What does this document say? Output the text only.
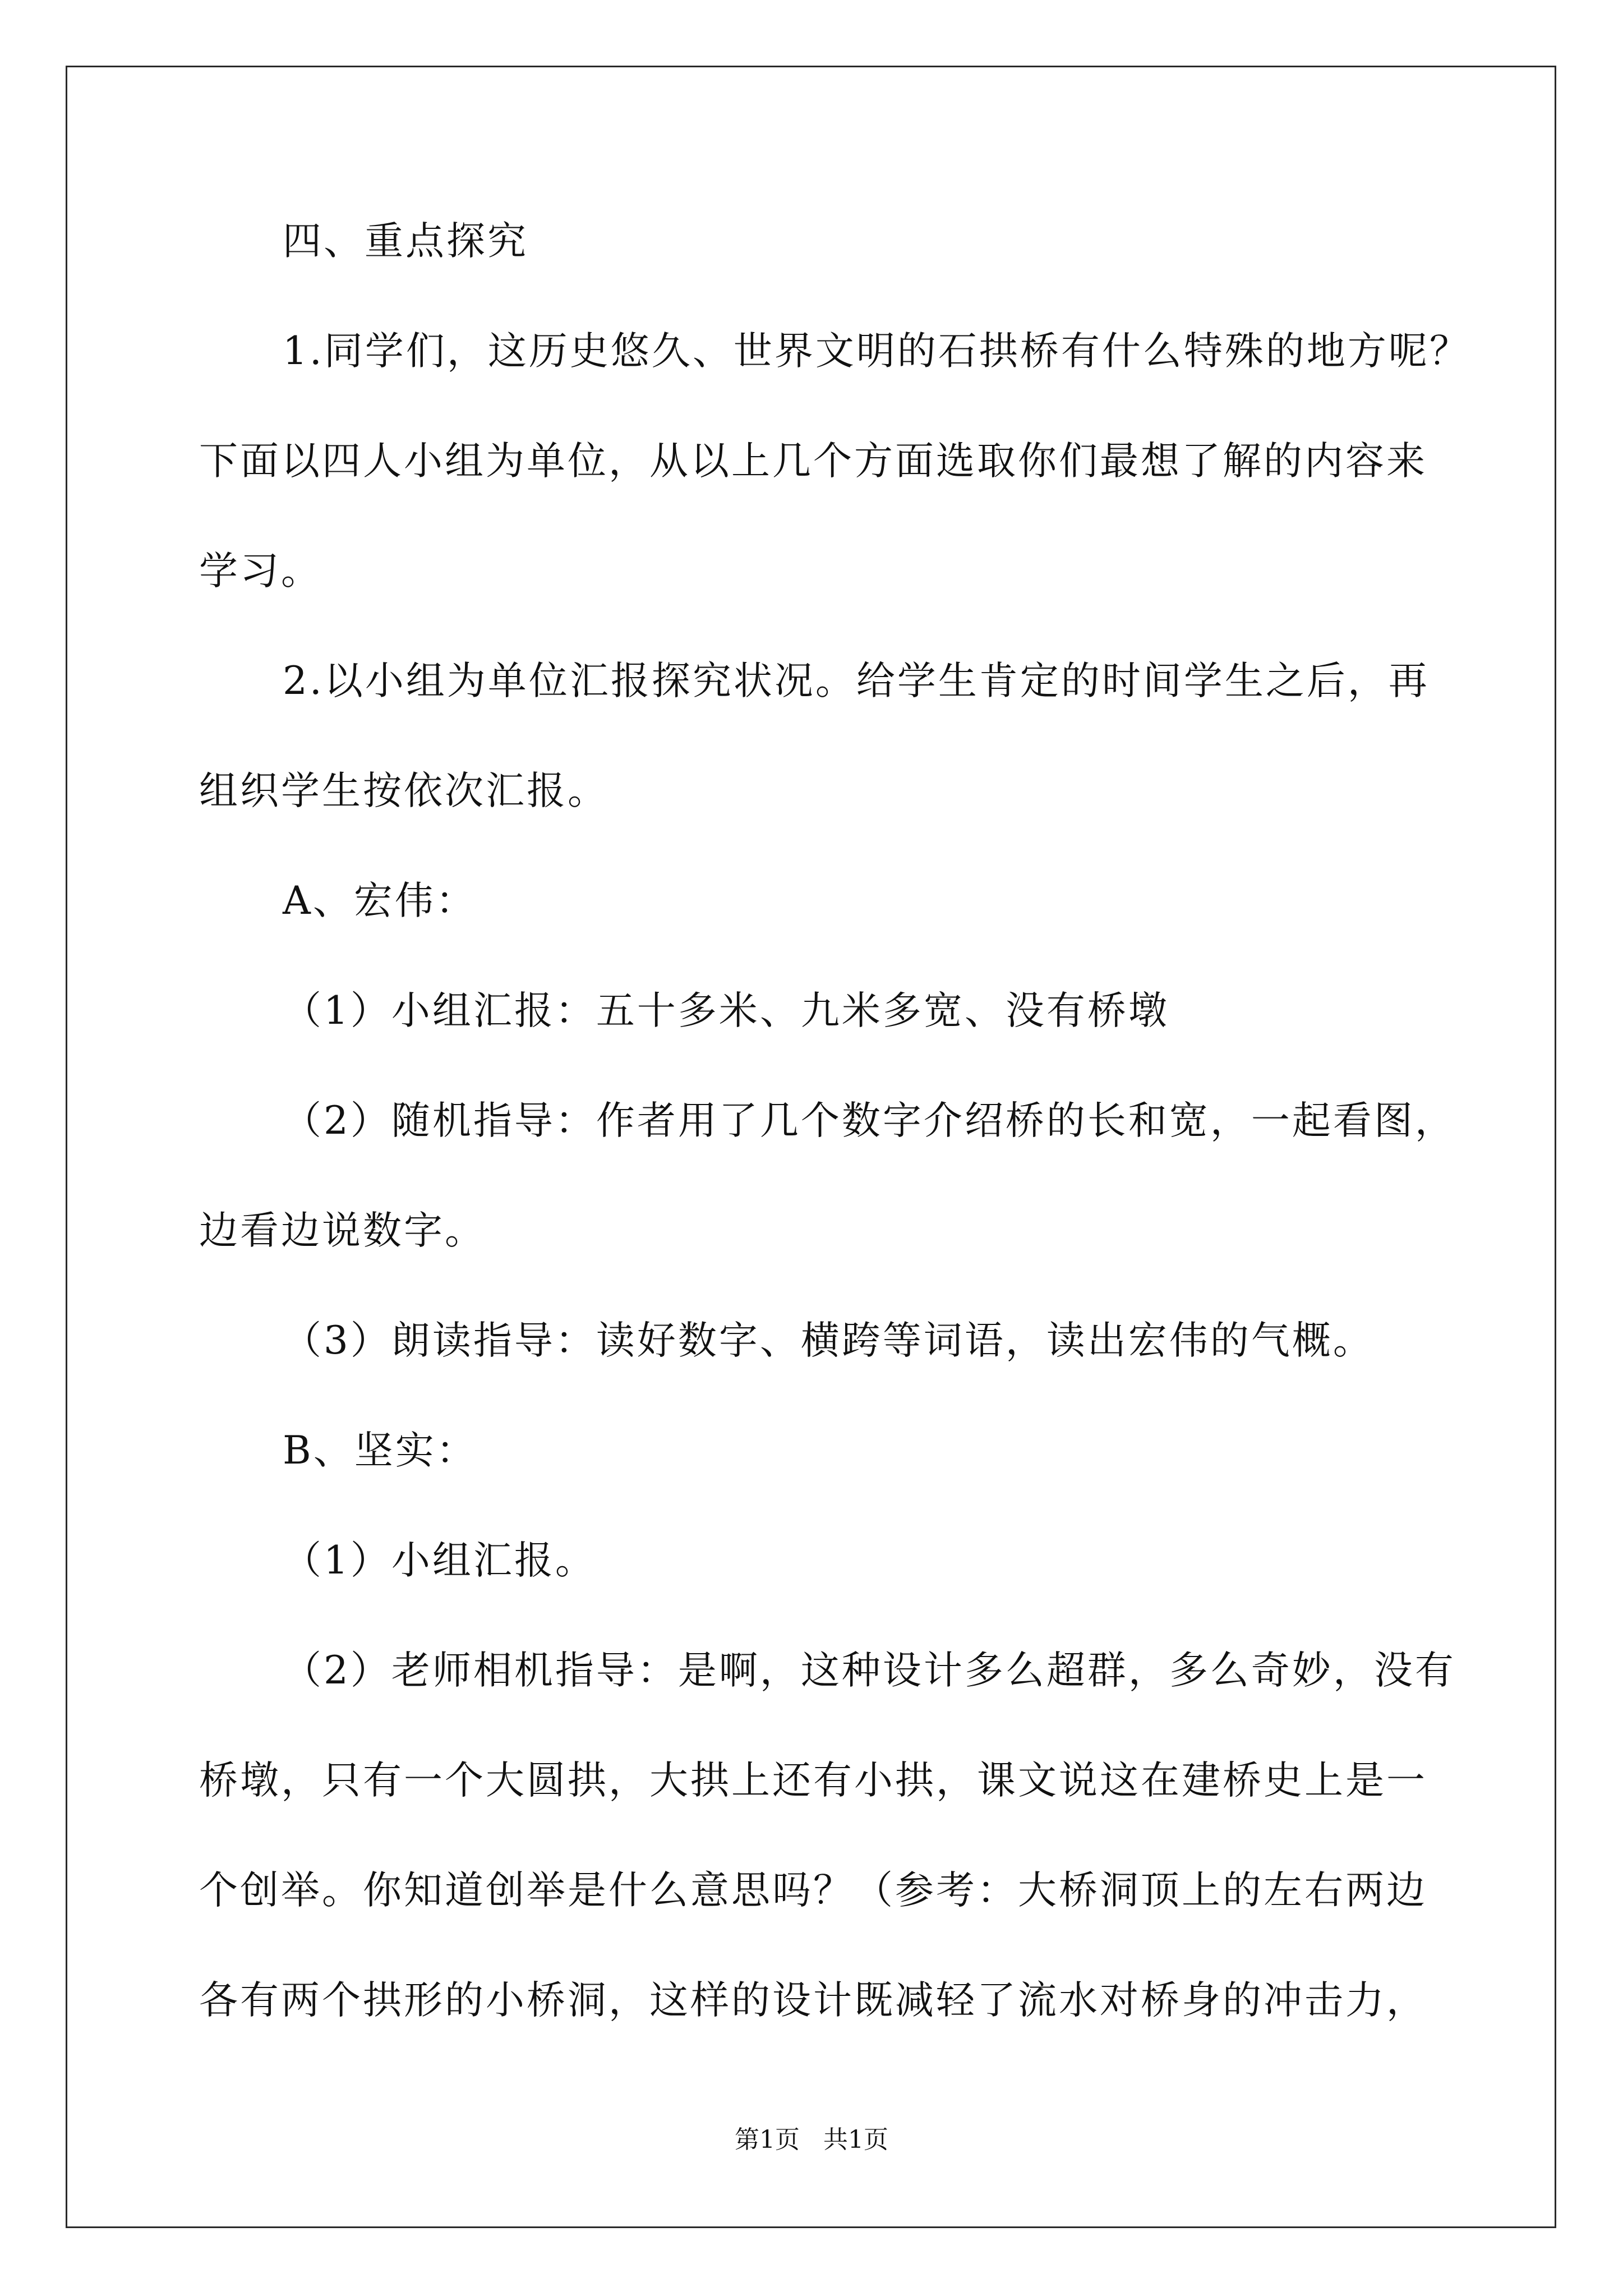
四、重点探究
1.同学们，这历史悠久、世界文明的石拱桥有什么特殊的地方呢？
下面以四人小组为单位，从以上几个方面选取你们最想了解的内容来
学习。
2.以小组为单位汇报探究状况。给学生肯定的时间学生之后，再
组织学生按依次汇报。
A、宏伟：
（1）小组汇报：五十多米、九米多宽、没有桥墩
（2）随机指导：作者用了几个数字介绍桥的长和宽，一起看图，
边看边说数字。
（3）朗读指导：读好数字、横跨等词语，读出宏伟的气概。
B、坚实：
（1）小组汇报。
（2）老师相机指导：是啊，这种设计多么超群，多么奇妙，没有
桥墩，只有一个大圆拱，大拱上还有小拱，课文说这在建桥史上是一
个创举。你知道创举是什么意思吗？（参考：大桥洞顶上的左右两边
各有两个拱形的小桥洞，这样的设计既减轻了流水对桥身的冲击力，
第1页   共1页
